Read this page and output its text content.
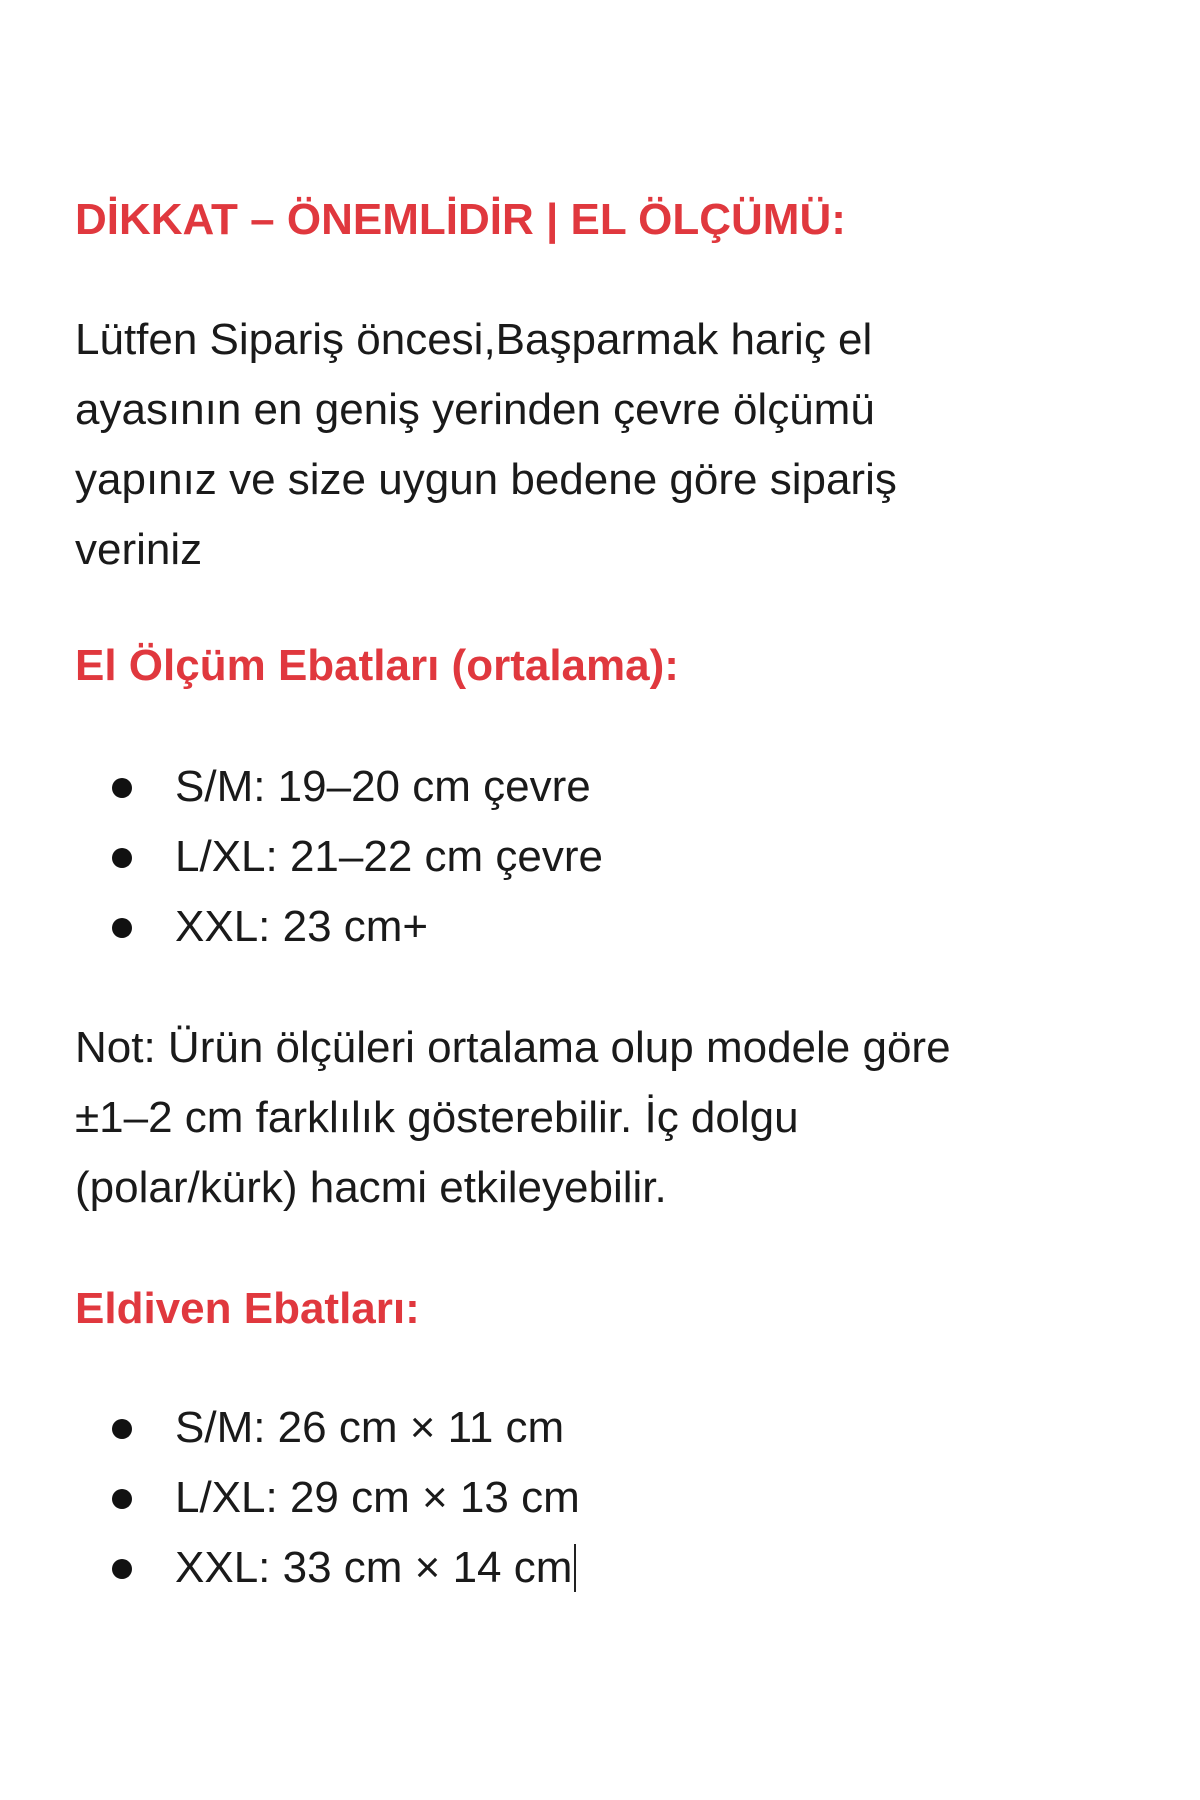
DİKKAT – ÖNEMLİDİR | EL ÖLÇÜMÜ:
Lütfen Sipariş öncesi,Başparmak hariç el
ayasının en geniş yerinden çevre ölçümü
yapınız ve size uygun bedene göre sipariş
veriniz
El Ölçüm Ebatları (ortalama):
S/M: 19–20 cm çevre
L/XL: 21–22 cm çevre
XXL: 23 cm+
Not: Ürün ölçüleri ortalama olup modele göre
±1–2 cm farklılık gösterebilir. İç dolgu
(polar/kürk) hacmi etkileyebilir.
Eldiven Ebatları:
S/M: 26 cm × 11 cm
L/XL: 29 cm × 13 cm
XXL: 33 cm × 14 cm
